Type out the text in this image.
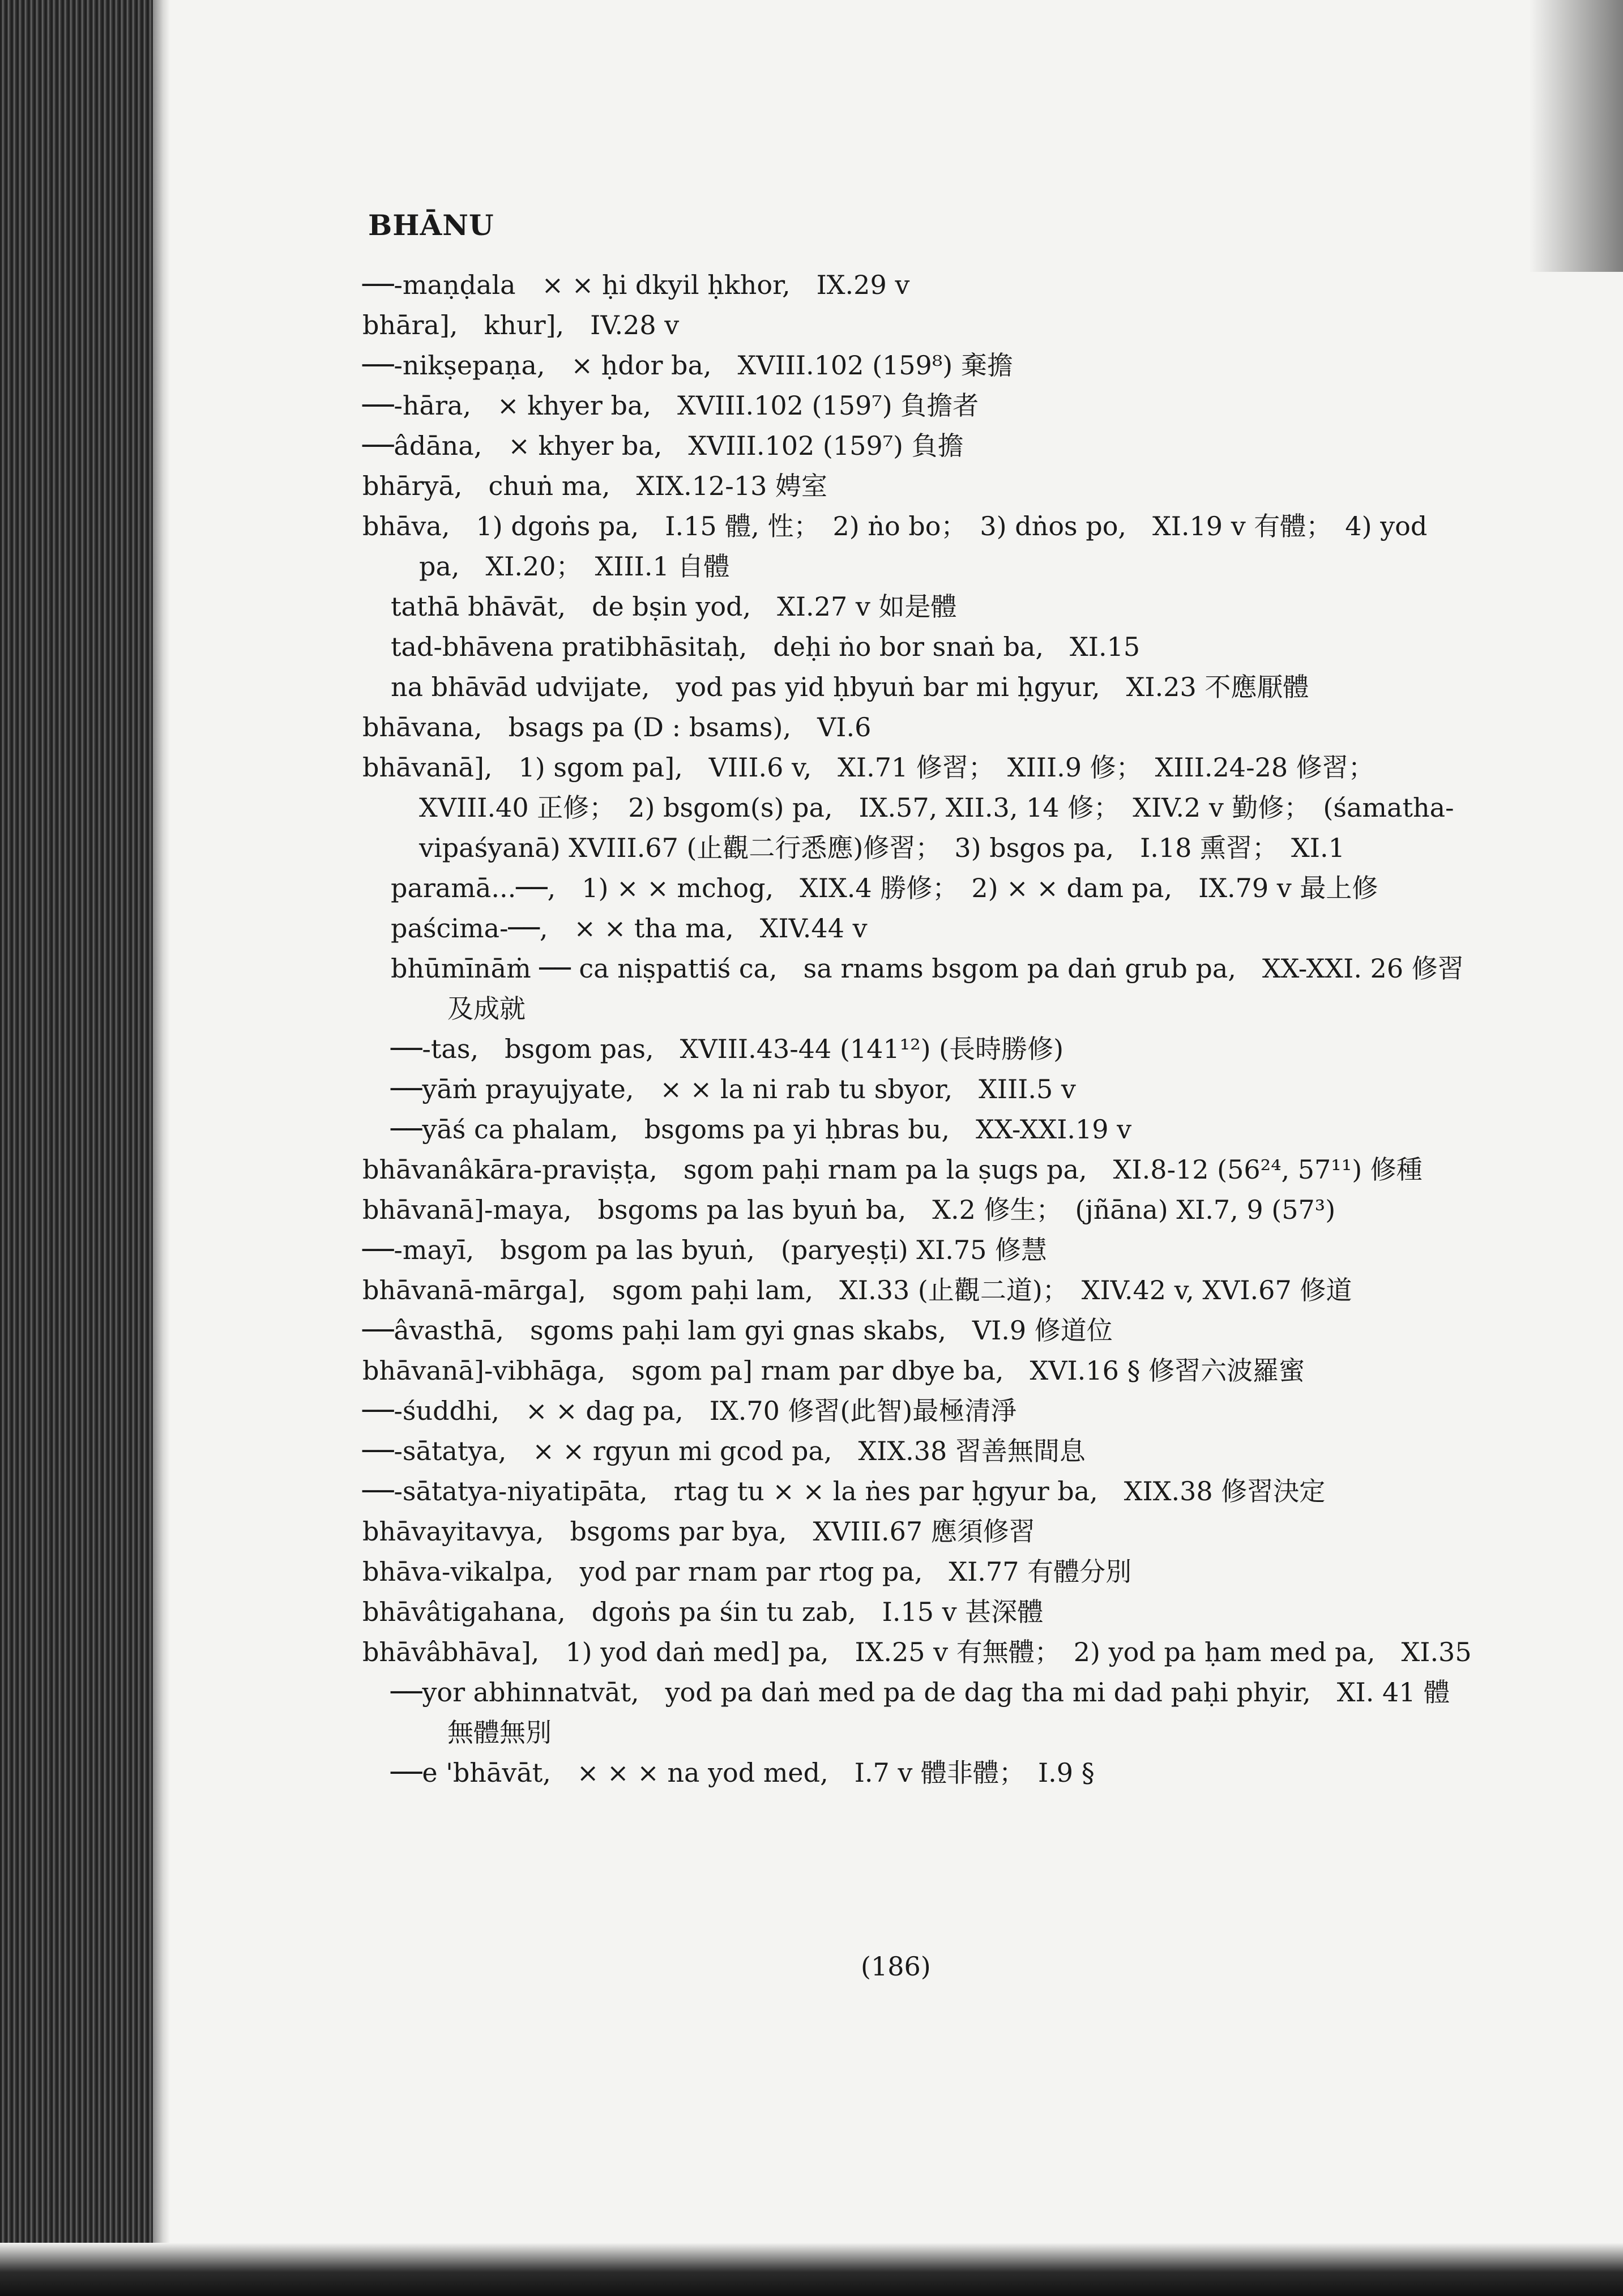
BHĀNU
──-maṇḍala　× × ḥi dkyil ḥkhor,　IX.29 v
bhāra],　khur],　IV.28 v
──-nikṣepaṇa,　× ḥdor ba,　XVIII.102 (159⁸) 棄擔
──-hāra,　× khyer ba,　XVIII.102 (159⁷) 負擔者
──âdāna,　× khyer ba,　XVIII.102 (159⁷) 負擔
bhāryā,　chuṅ ma,　XIX.12-13 娉室
bhāva,　1) dgoṅs pa,　I.15 體, 性；　2) ṅo bo；　3) dṅos po,　XI.19 v 有體；　4) yod pa,　XI.20；　XIII.1 自體
tathā bhāvāt,　de bṣin yod,　XI.27 v 如是體
tad-bhāvena pratibhāsitaḥ,　deḥi ṅo bor snaṅ ba,　XI.15
na bhāvād udvijate,　yod pas yid ḥbyuṅ bar mi ḥgyur,　XI.23 不應厭體
bhāvana,　bsags pa (D : bsams),　VI.6
bhāvanā],　1) sgom pa],　VIII.6 v,　XI.71 修習；　XIII.9 修；　XIII.24-28 修習；　XVIII.40 正修；　2) bsgom(s) pa,　IX.57, XII.3, 14 修；　XIV.2 v 勤修；　(śamatha-vipaśyanā) XVIII.67 (止觀二行悉應)修習；　3) bsgos pa,　I.18 熏習；　XI.1
paramā...──,　1) × × mchog,　XIX.4 勝修；　2) × × dam pa,　IX.79 v 最上修
paścima-──,　× × tha ma,　XIV.44 v
bhūmīnāṁ ── ca niṣpattiś ca,　sa rnams bsgom pa daṅ grub pa,　XX-XXI. 26 修習及成就
──-tas,　bsgom pas,　XVIII.43-44 (141¹²) (長時勝修)
──yāṁ prayujyate,　× × la ni rab tu sbyor,　XIII.5 v
──yāś ca phalam,　bsgoms pa yi ḥbras bu,　XX-XXI.19 v
bhāvanâkāra-praviṣṭa,　sgom paḥi rnam pa la ṣugs pa,　XI.8-12 (56²⁴, 57¹¹) 修種
bhāvanā]-maya,　bsgoms pa las byuṅ ba,　X.2 修生；　(jñāna) XI.7, 9 (57³)
──-mayī,　bsgom pa las byuṅ,　(paryeṣṭi) XI.75 修慧
bhāvanā-mārga],　sgom paḥi lam,　XI.33 (止觀二道)；　XIV.42 v, XVI.67 修道
──âvasthā,　sgoms paḥi lam gyi gnas skabs,　VI.9 修道位
bhāvanā]-vibhāga,　sgom pa] rnam par dbye ba,　XVI.16 § 修習六波羅蜜
──-śuddhi,　× × dag pa,　IX.70 修習(此智)最極清淨
──-sātatya,　× × rgyun mi gcod pa,　XIX.38 習善無間息
──-sātatya-niyatipāta,　rtag tu × × la ṅes par ḥgyur ba,　XIX.38 修習決定
bhāvayitavya,　bsgoms par bya,　XVIII.67 應須修習
bhāva-vikalpa,　yod par rnam par rtog pa,　XI.77 有體分別
bhāvâtigahana,　dgoṅs pa śin tu zab,　I.15 v 甚深體
bhāvâbhāva],　1) yod daṅ med] pa,　IX.25 v 有無體；　2) yod pa ḥam med pa,　XI.35
──yor abhinnatvāt,　yod pa daṅ med pa de dag tha mi dad paḥi phyir,　XI. 41 體無體無別
──e 'bhāvāt,　× × × na yod med,　I.7 v 體非體；　I.9 §
(186)
